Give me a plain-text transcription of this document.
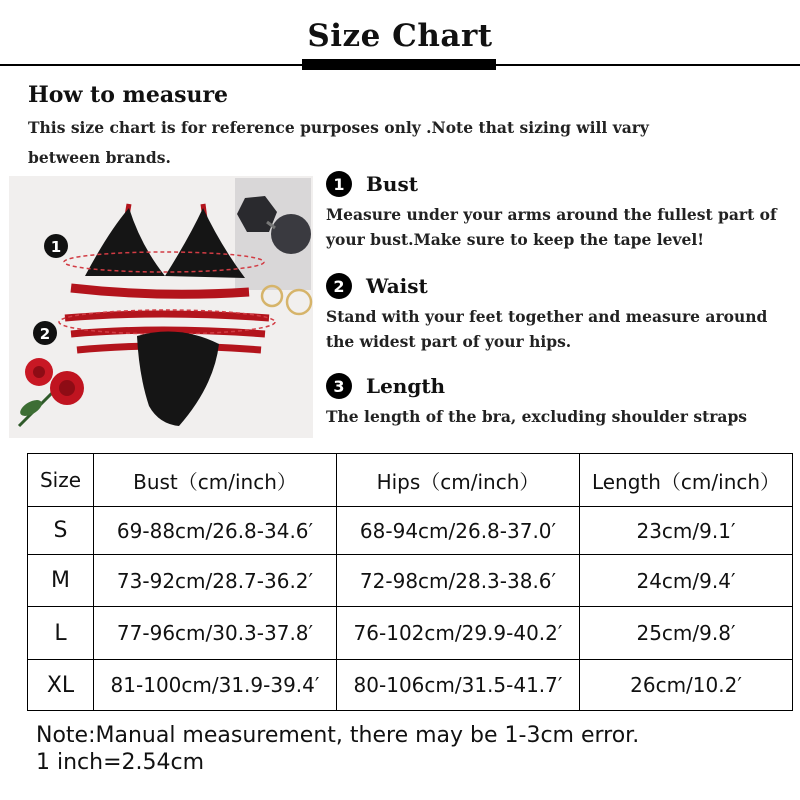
Size Chart
How to measure
This size chart is for reference purposes only .Note that sizing will vary between brands.
1
2
1	Bust
Measure under your arms around the fullest part of your bust.Make sure to keep the tape level!
2	Waist
Stand with your feet together and measure around the widest part of your hips.
3	Length
The length of the bra, excluding shoulder straps
Size	Bust（cm/inch）	Hips（cm/inch）	Length（cm/inch）
S	69-88cm/26.8-34.6′	68-94cm/26.8-37.0′	23cm/9.1′
M	73-92cm/28.7-36.2′	72-98cm/28.3-38.6′	24cm/9.4′
L	77-96cm/30.3-37.8′	76-102cm/29.9-40.2′	25cm/9.8′
XL	81-100cm/31.9-39.4′	80-106cm/31.5-41.7′	26cm/10.2′
Note:Manual measurement, there may be 1-3cm error.
1 inch=2.54cm
